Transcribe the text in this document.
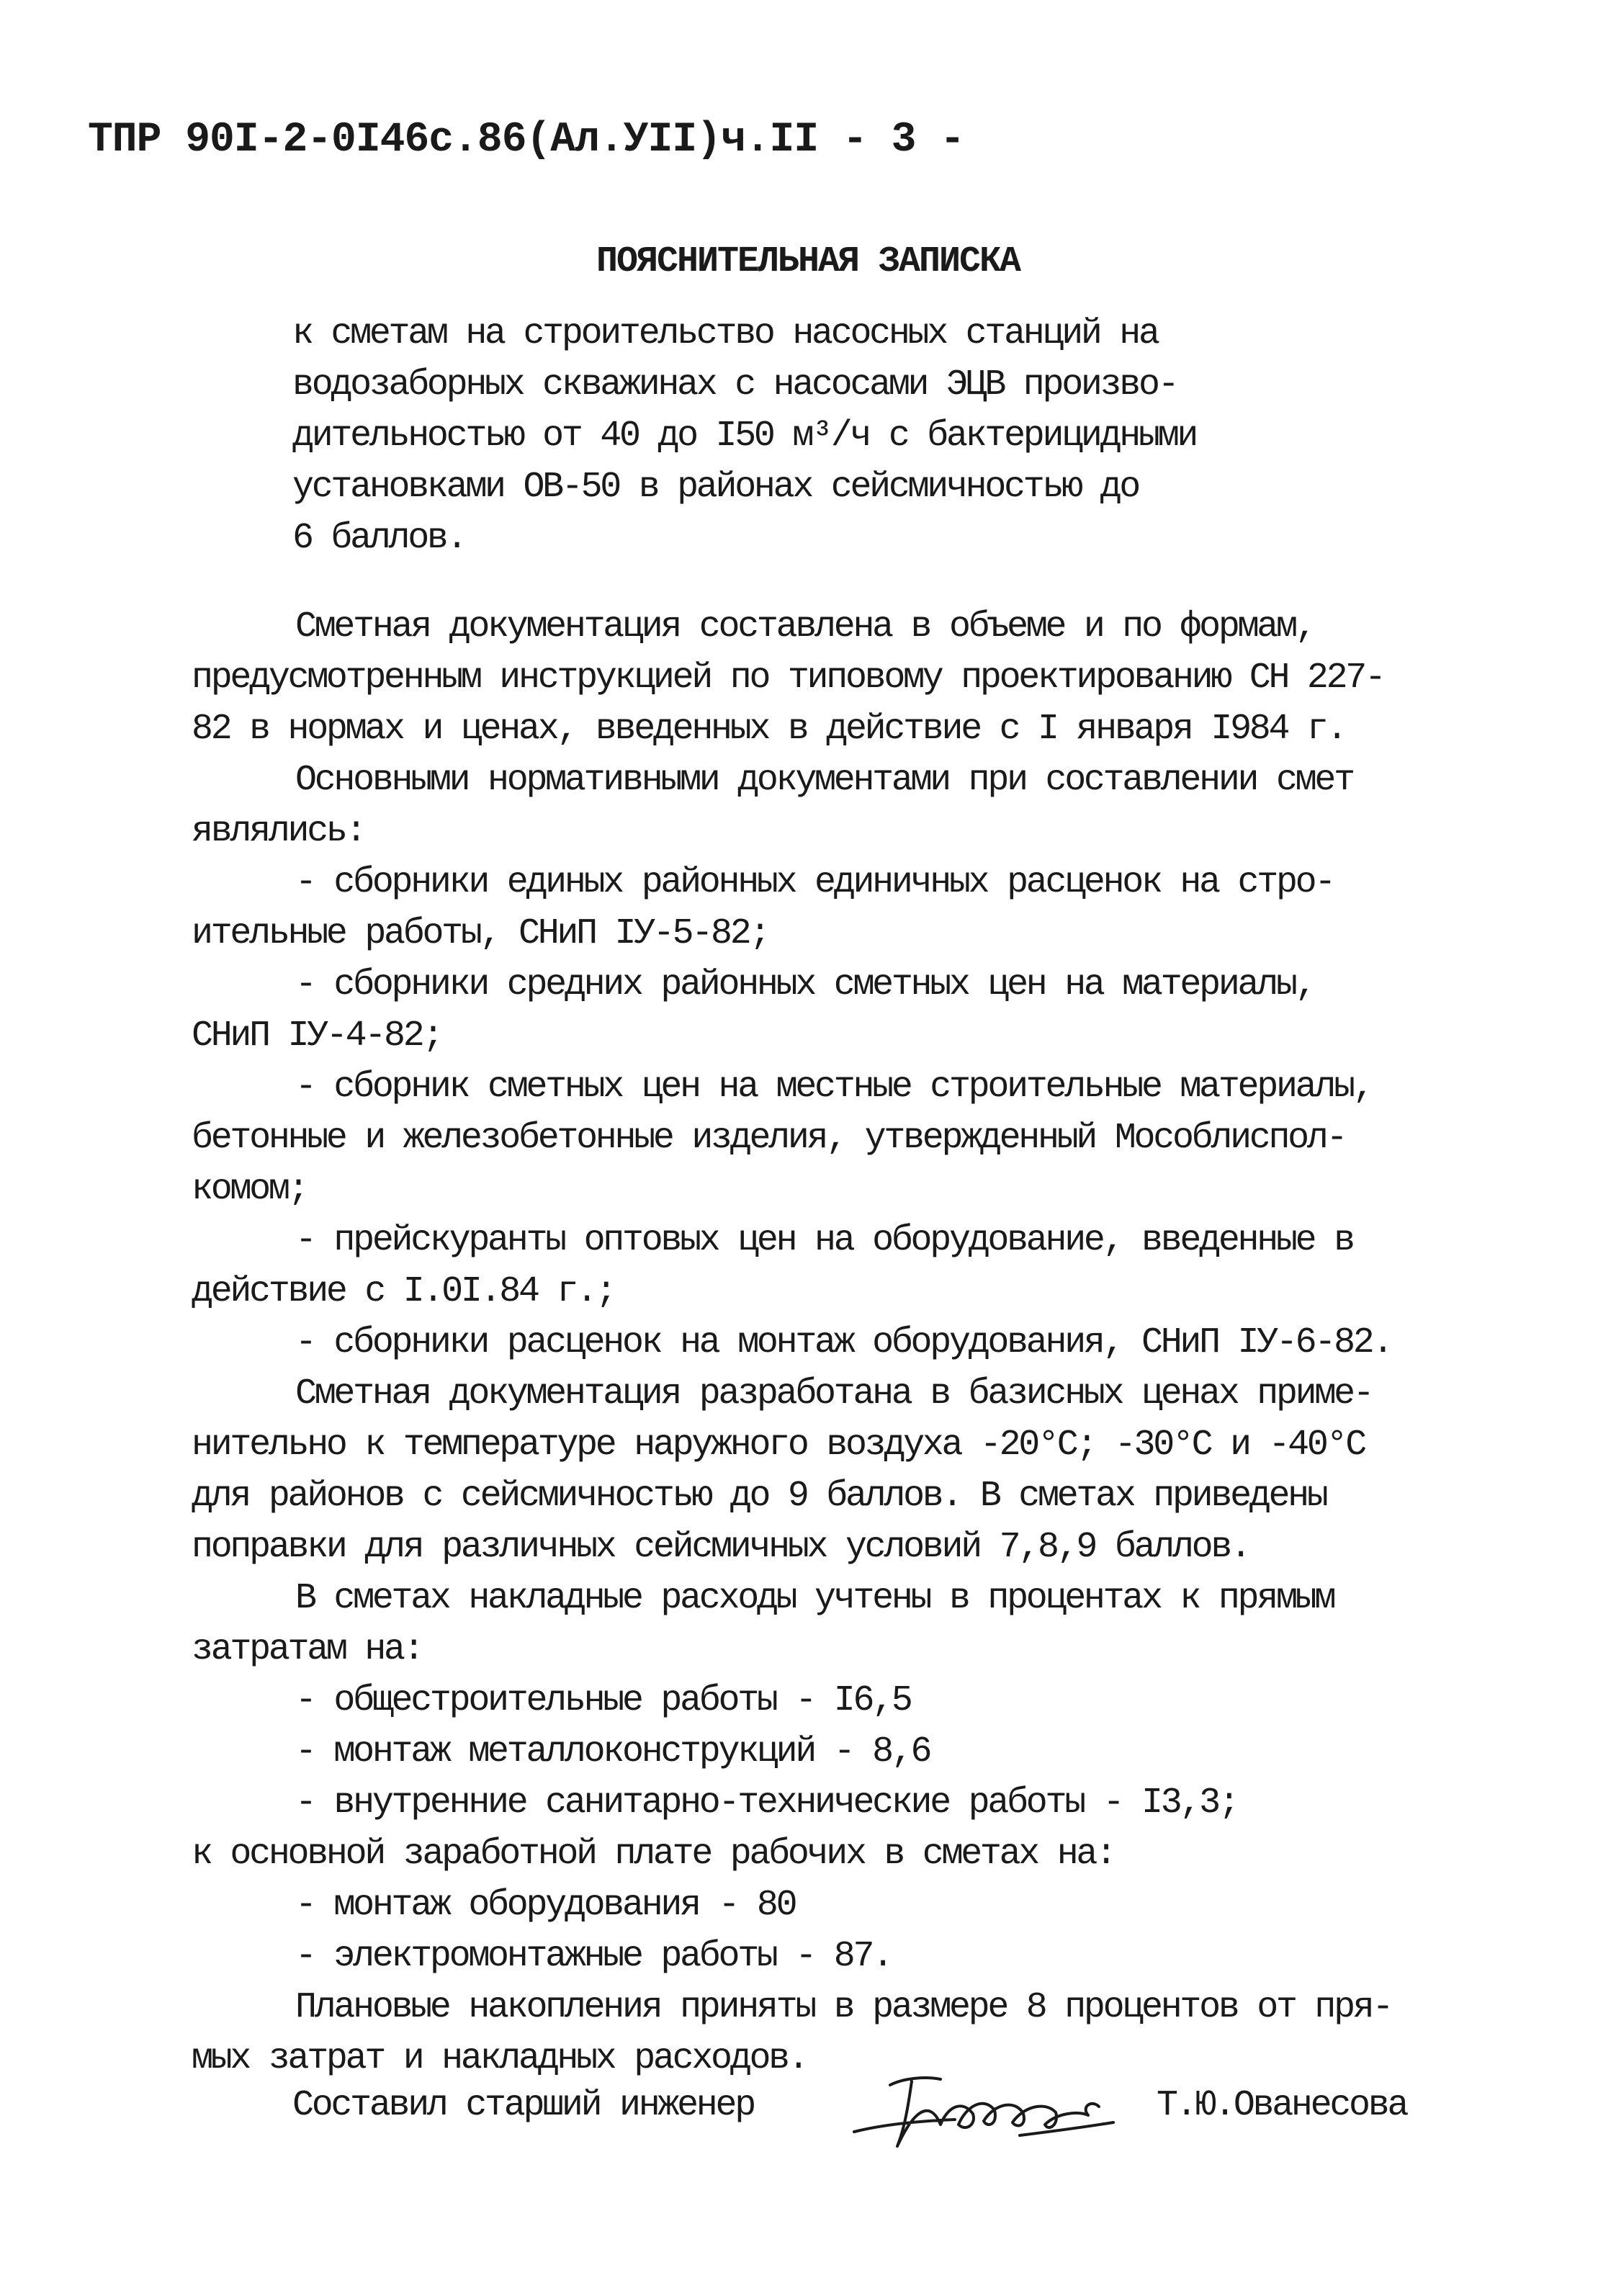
ТПР 90I-2-0I46с.86(Ал.УII)ч.II - 3 -
ПОЯСНИТЕЛЬНАЯ ЗАПИСКА
к сметам на строительство насосных станций на
водозаборных скважинах с насосами ЭЦВ произво-
дительностью от 40 до I50 м³/ч с бактерицидными
установками ОВ-50 в районах сейсмичностью до
6 баллов.
Сметная документация составлена в объеме и по формам,
предусмотренным инструкцией по типовому проектированию СН 227-
82 в нормах и ценах, введенных в действие с I января I984 г.
Основными нормативными документами при составлении смет
являлись:
- сборники единых районных единичных расценок на стро-
ительные работы, СНиП IУ-5-82;
- сборники средних районных сметных цен на материалы,
СНиП IУ-4-82;
- сборник сметных цен на местные строительные материалы,
бетонные и железобетонные изделия, утвержденный Мособлиспол-
комом;
- прейскуранты оптовых цен на оборудование, введенные в
действие с I.0I.84 г.;
- сборники расценок на монтаж оборудования, СНиП IУ-6-82.
Сметная документация разработана в базисных ценах приме-
нительно к температуре наружного воздуха -20°С; -30°С и -40°С
для районов с сейсмичностью до 9 баллов. В сметах приведены
поправки для различных сейсмичных условий 7,8,9 баллов.
В сметах накладные расходы учтены в процентах к прямым
затратам на:
- общестроительные работы - I6,5
- монтаж металлоконструкций - 8,6
- внутренние санитарно-технические работы - I3,3;
к основной заработной плате рабочих в сметах на:
- монтаж оборудования - 80
- электромонтажные работы - 87.
Плановые накопления приняты в размере 8 процентов от пря-
мых затрат и накладных расходов.
Составил старший инженер	Т.Ю.Ованесова
